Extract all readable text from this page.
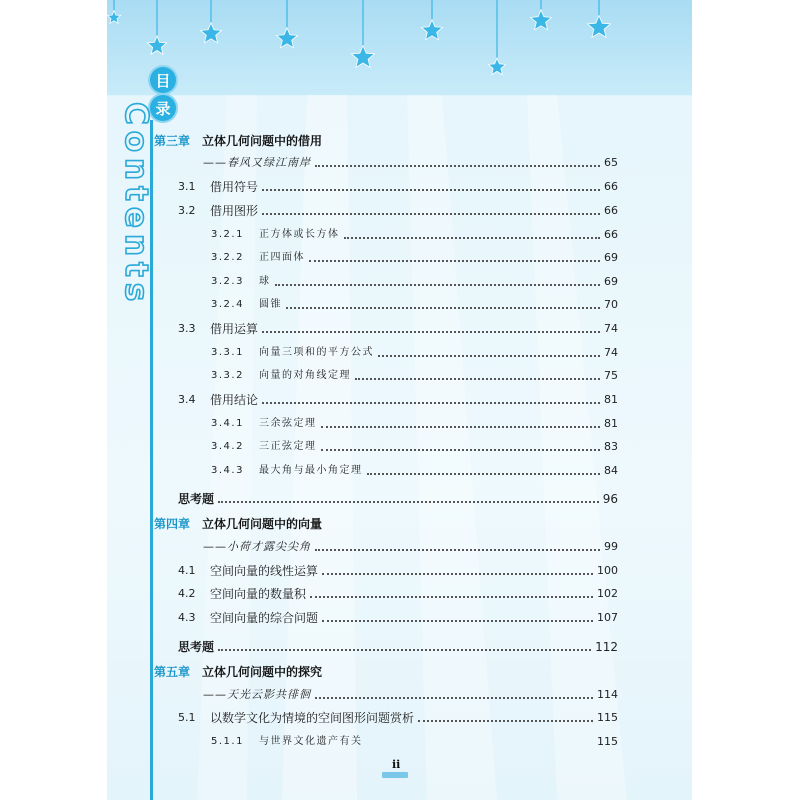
目
录
Contents 第三章 立体几何问题中的借用
——春风又绿江南岸	65
3.1	借用符号	66
3.2	借用图形	66
3.2.1	正方体或长方体	66
3.2.2	正四面体	69
3.2.3	球	69
3.2.4	圆锥	70
3.3	借用运算	74
3.3.1	向量三项和的平方公式	74
3.3.2	向量的对角线定理	75
3.4	借用结论	81
3.4.1	三余弦定理	81
3.4.2	三正弦定理	83
3.4.3	最大角与最小角定理	84
思考题	96
第四章 立体几何问题中的向量
——小荷才露尖尖角	99
4.1	空间向量的线性运算	100
4.2	空间向量的数量积	102
4.3	空间向量的综合问题	107
思考题	112
第五章 立体几何问题中的探究
——天光云影共徘徊	114
5.1	以数学文化为情境的空间图形问题赏析	115
5.1.1	与世界文化遗产有关	115
ii
